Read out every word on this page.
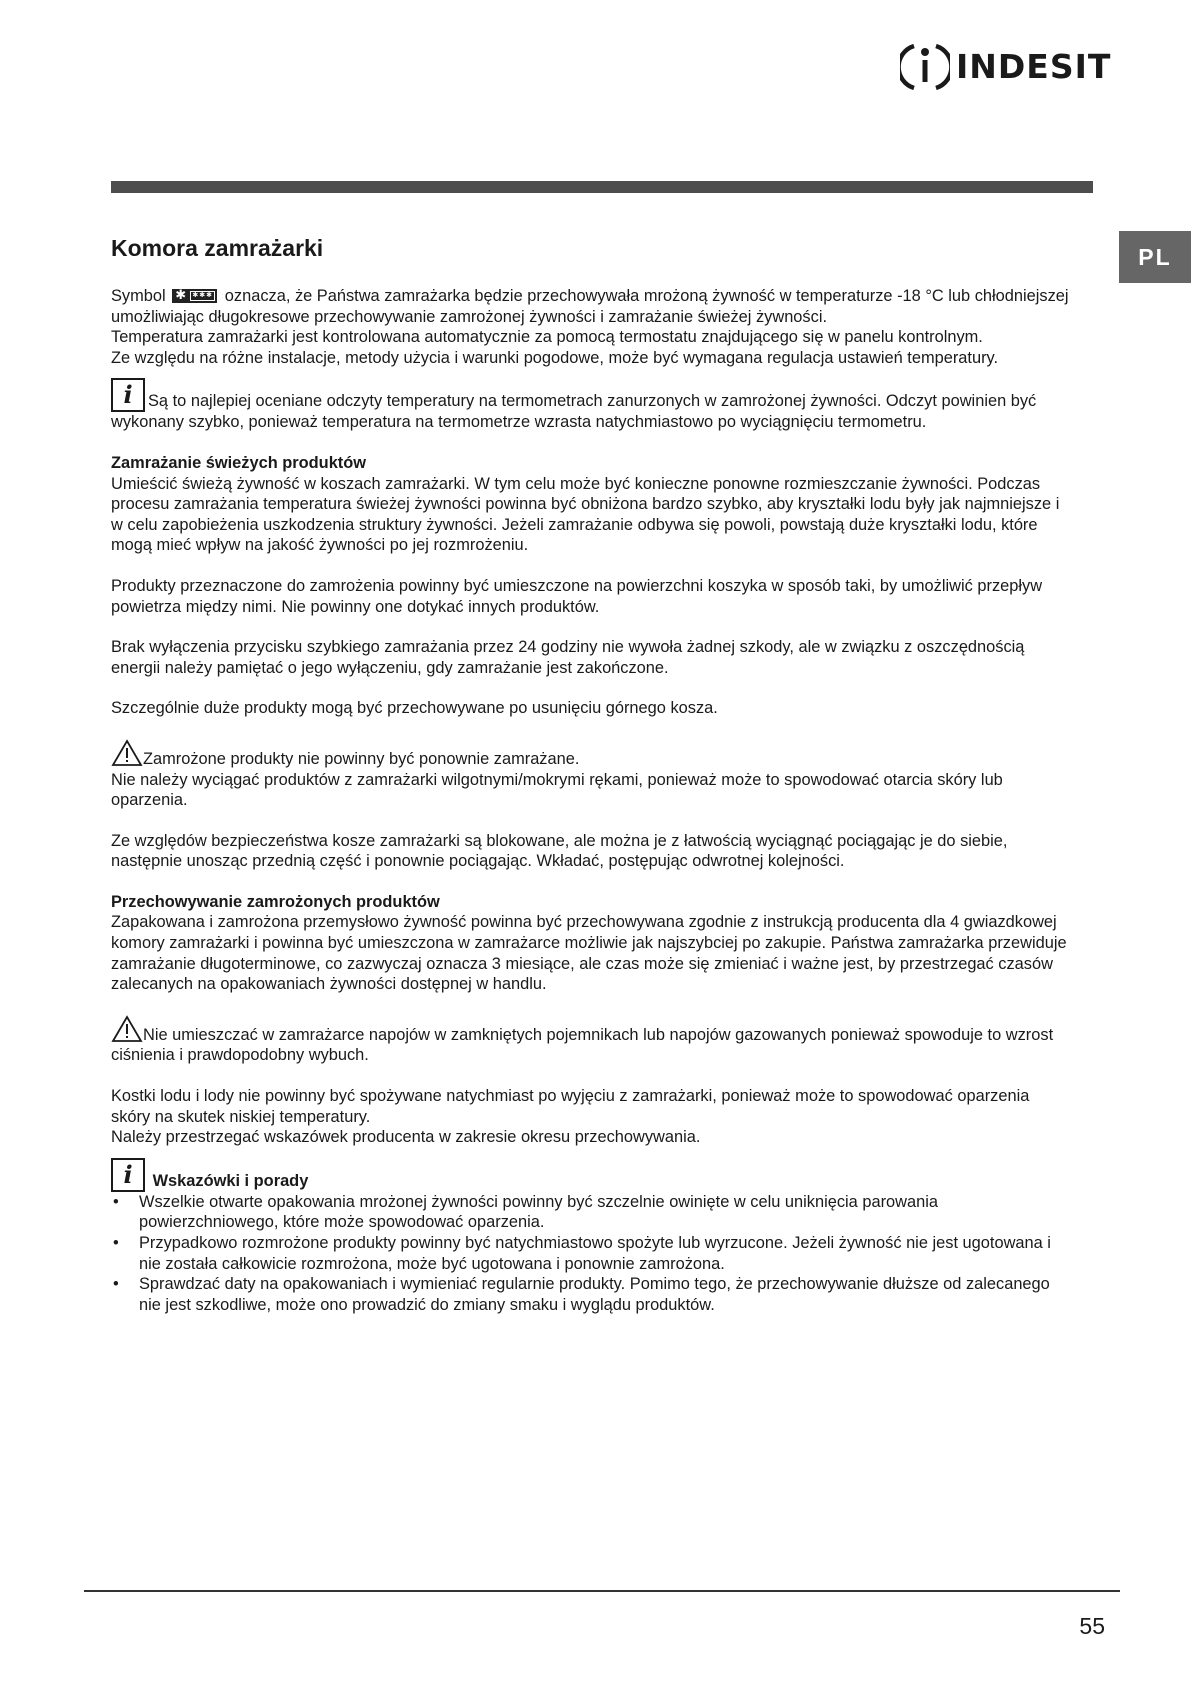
INDESIT
PL
Komora zamrażarki

Symbol ✱ ✱✱✱ oznacza, że Państwa zamrażarka będzie przechowywała mrożoną żywność w temperaturze -18 °C lub chłodniejszej umożliwiając długokresowe przechowywanie zamrożonej żywności i zamrażanie świeżej żywności.

Temperatura zamrażarki jest kontrolowana automatycznie za pomocą termostatu znajdującego się w panelu kontrolnym.

Ze względu na różne instalacje, metody użycia i warunki pogodowe, może być wymagana regulacja ustawień temperatury.

i Są to najlepiej oceniane odczyty temperatury na termometrach zanurzonych w zamrożonej żywności. Odczyt powinien być wykonany szybko, ponieważ temperatura na termometrze wzrasta natychmiastowo po wyciągnięciu termometru.

Zamrażanie świeżych produktów

Umieścić świeżą żywność w koszach zamrażarki. W tym celu może być konieczne ponowne rozmieszczanie żywności. Podczas procesu zamrażania temperatura świeżej żywności powinna być obniżona bardzo szybko, aby kryształki lodu były jak najmniejsze i w celu zapobieżenia uszkodzenia struktury żywności. Jeżeli zamrażanie odbywa się powoli, powstają duże kryształki lodu, które mogą mieć wpływ na jakość żywności po jej rozmrożeniu.

Produkty przeznaczone do zamrożenia powinny być umieszczone na powierzchni koszyka w sposób taki, by umożliwić przepływ powietrza między nimi. Nie powinny one dotykać innych produktów.

Brak wyłączenia przycisku szybkiego zamrażania przez 24 godziny nie wywoła żadnej szkody, ale w związku z oszczędnością energii należy pamiętać o jego wyłączeniu, gdy zamrażanie jest zakończone.

Szczególnie duże produkty mogą być przechowywane po usunięciu górnego kosza.

Zamrożone produkty nie powinny być ponownie zamrażane.

Nie należy wyciągać produktów z zamrażarki wilgotnymi/mokrymi rękami, ponieważ może to spowodować otarcia skóry lub oparzenia.

Ze względów bezpieczeństwa kosze zamrażarki są blokowane, ale można je z łatwością wyciągnąć pociągając je do siebie, następnie unosząc przednią część i ponownie pociągając. Wkładać, postępując odwrotnej kolejności.

Przechowywanie zamrożonych produktów

Zapakowana i zamrożona przemysłowo żywność powinna być przechowywana zgodnie z instrukcją producenta dla 4 gwiazdkowej komory zamrażarki i powinna być umieszczona w zamrażarce możliwie jak najszybciej po zakupie. Państwa zamrażarka przewiduje zamrażanie długoterminowe, co zazwyczaj oznacza 3 miesiące, ale czas może się zmieniać i ważne jest, by przestrzegać czasów zalecanych na opakowaniach żywności dostępnej w handlu.

Nie umieszczać w zamrażarce napojów w zamkniętych pojemnikach lub napojów gazowanych ponieważ spowoduje to wzrost ciśnienia i prawdopodobny wybuch.

Kostki lodu i lody nie powinny być spożywane natychmiast po wyjęciu z zamrażarki, ponieważ może to spowodować oparzenia skóry na skutek niskiej temperatury.

Należy przestrzegać wskazówek producenta w zakresie okresu przechowywania.

i	Wskazówki i porady

• Wszelkie otwarte opakowania mrożonej żywności powinny być szczelnie owinięte w celu uniknięcia parowania powierzchniowego, które może spowodować oparzenia.
• Przypadkowo rozmrożone produkty powinny być natychmiastowo spożyte lub wyrzucone. Jeżeli żywność nie jest ugotowana i nie została całkowicie rozmrożona, może być ugotowana i ponownie zamrożona.
• Sprawdzać daty na opakowaniach i wymieniać regularnie produkty. Pomimo tego, że przechowywanie dłuższe od zalecanego nie jest szkodliwe, może ono prowadzić do zmiany smaku i wyglądu produktów.
55
